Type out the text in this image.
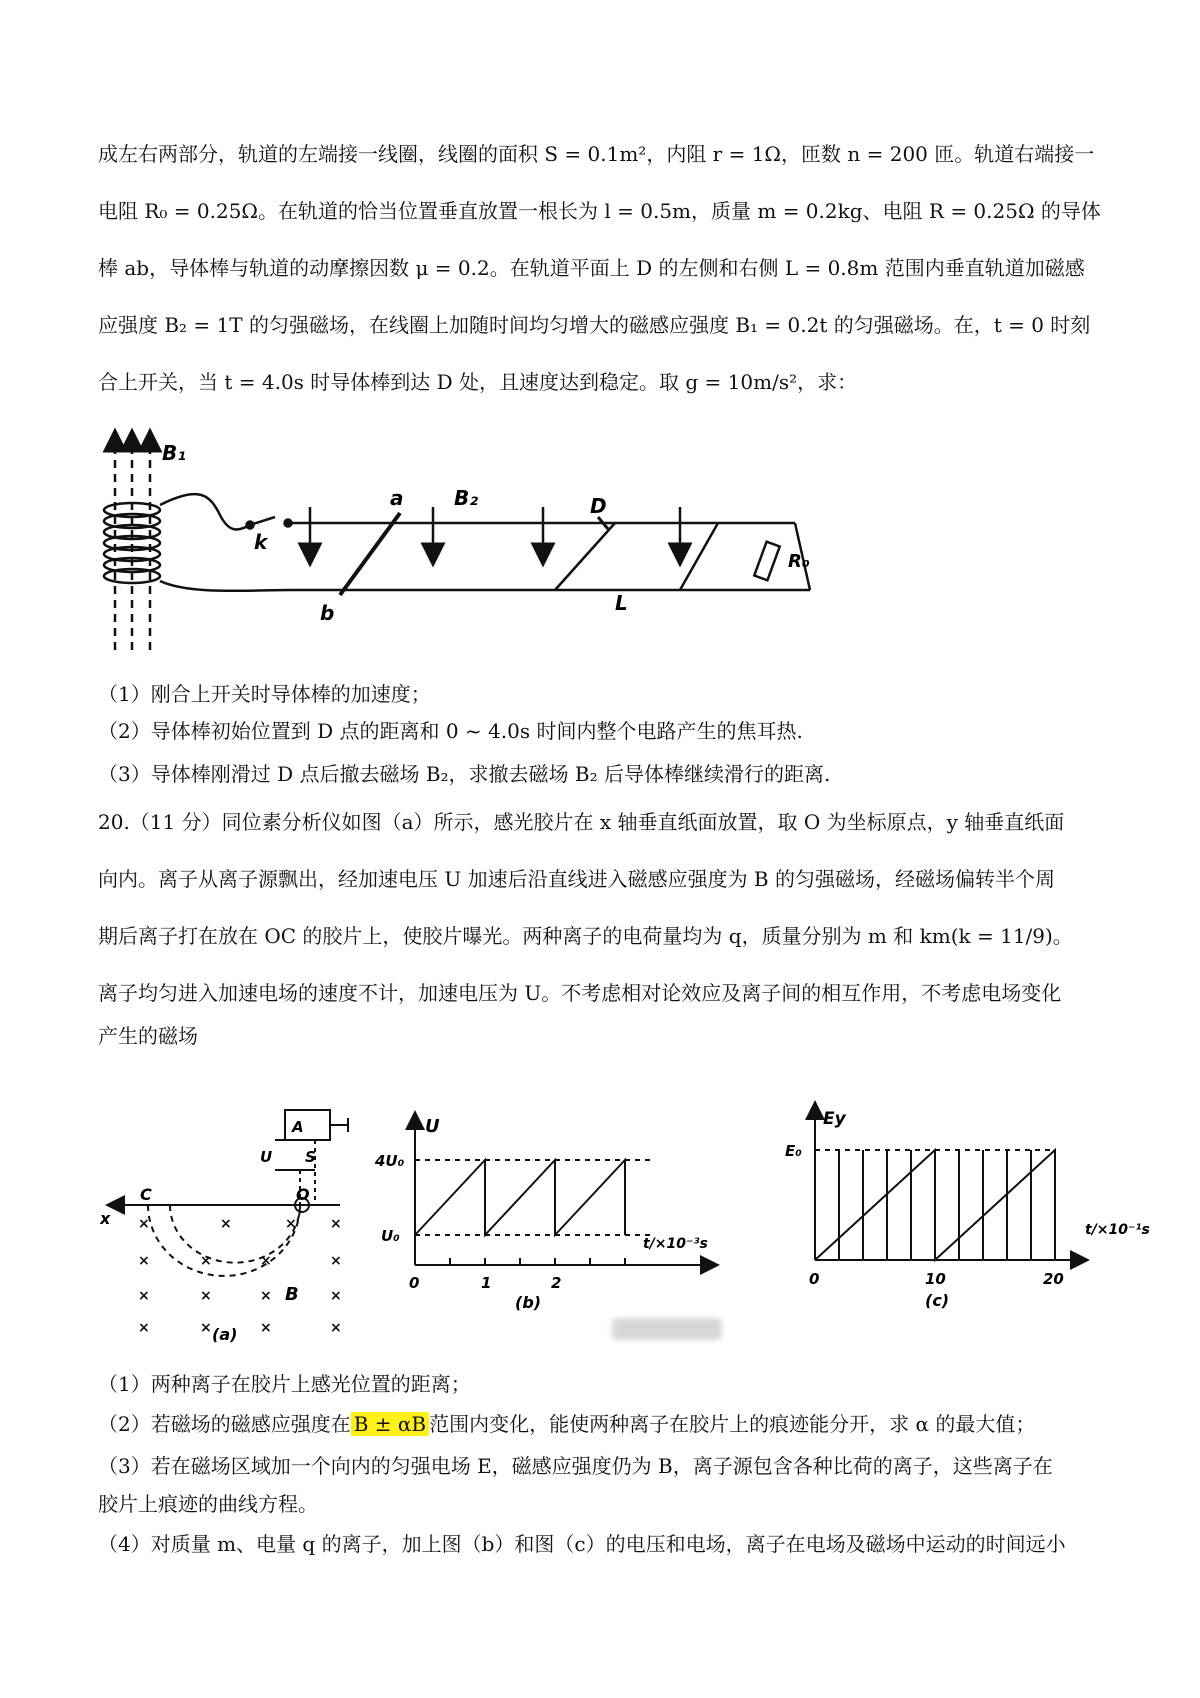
成左右两部分，轨道的左端接一线圈，线圈的面积 S = 0.1m²，内阻 r = 1Ω，匝数 n = 200 匝。轨道右端接一
电阻 R₀ = 0.25Ω。在轨道的恰当位置垂直放置一根长为 l = 0.5m，质量 m = 0.2kg、电阻 R = 0.25Ω 的导体
棒 ab，导体棒与轨道的动摩擦因数 μ = 0.2。在轨道平面上 D 的左侧和右侧 L = 0.8m 范围内垂直轨道加磁感
应强度 B₂ = 1T 的匀强磁场，在线圈上加随时间均匀增大的磁感应强度 B₁ = 0.2t 的匀强磁场。在，t = 0 时刻
合上开关，当 t = 4.0s 时导体棒到达 D 处，且速度达到稳定。取 g = 10m/s²，求：
B₁
k
a	B₂	D
b	L
R₀
（1）刚合上开关时导体棒的加速度；
（2）导体棒初始位置到 D 点的距离和 0 ~ 4.0s 时间内整个电路产生的焦耳热.
（3）导体棒刚滑过 D 点后撤去磁场 B₂，求撤去磁场 B₂ 后导体棒继续滑行的距离.
20.（11 分）同位素分析仪如图（a）所示，感光胶片在 x 轴垂直纸面放置，取 O 为坐标原点，y 轴垂直纸面
向内。离子从离子源飘出，经加速电压 U 加速后沿直线进入磁感应强度为 B 的匀强磁场，经磁场偏转半个周
期后离子打在放在 OC 的胶片上，使胶片曝光。两种离子的电荷量均为 q，质量分别为 m 和 km(k = 11/9)。
离子均匀进入加速电场的速度不计，加速电压为 U。不考虑相对论效应及离子间的相互作用，不考虑电场变化
产生的磁场
A
U S
C	O
x
B
(a)
×	×	× ×
×	×	×	×
×	×	×	×
×	×	×	×
U
4U₀
U₀	t/×10⁻³s
0	1	2
(b)
Ey
E₀
t/×10⁻¹s
0	10	20
(c)
（1）两种离子在胶片上感光位置的距离；
（2）若磁场的磁感应强度在 B ± αB 范围内变化，能使两种离子在胶片上的痕迹能分开，求 α 的最大值；
（3）若在磁场区域加一个向内的匀强电场 E，磁感应强度仍为 B，离子源包含各种比荷的离子，这些离子在
胶片上痕迹的曲线方程。
（4）对质量 m、电量 q 的离子，加上图（b）和图（c）的电压和电场，离子在电场及磁场中运动的时间远小
